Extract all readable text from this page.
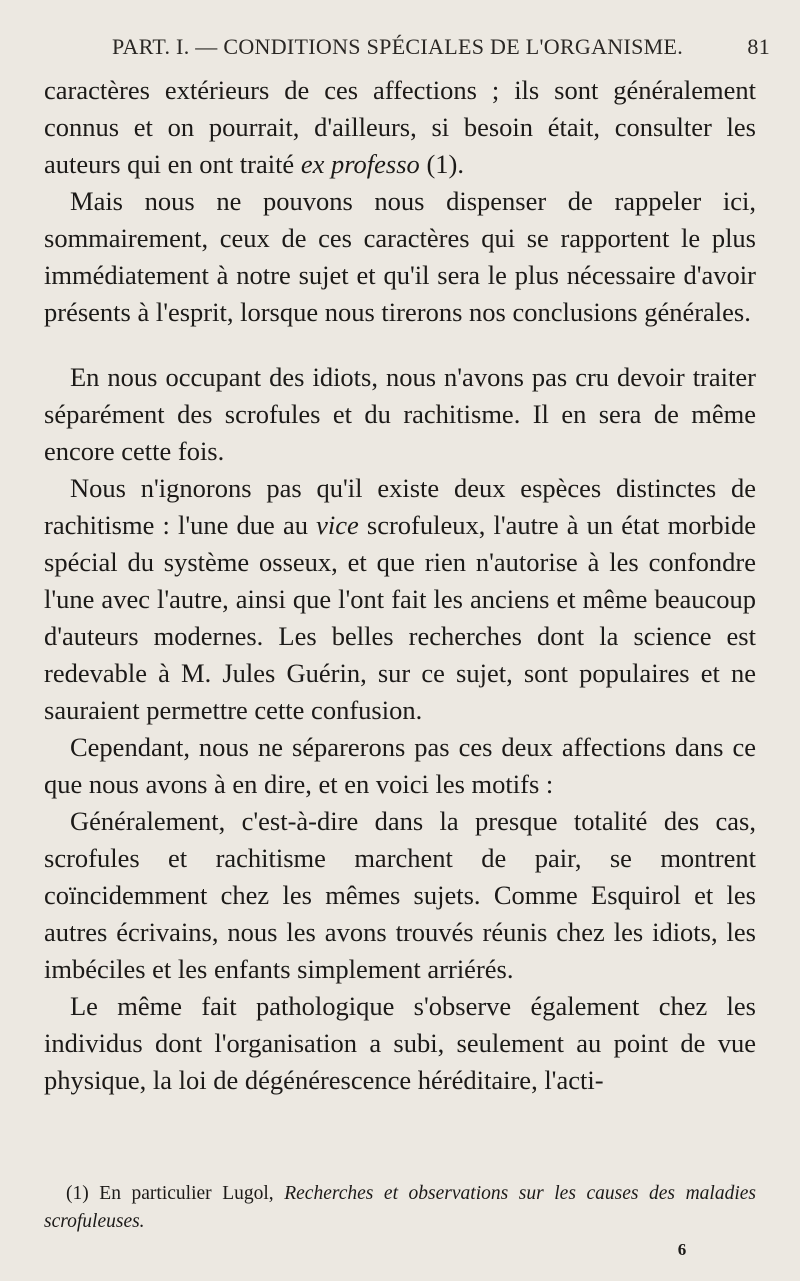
PART. I. — CONDITIONS SPÉCIALES DE L'ORGANISME.	81

caractères extérieurs de ces affections ; ils sont généralement connus et on pourrait, d'ailleurs, si besoin était, consulter les auteurs qui en ont traité ex professo (1).

Mais nous ne pouvons nous dispenser de rappeler ici, sommairement, ceux de ces caractères qui se rapportent le plus immédiatement à notre sujet et qu'il sera le plus nécessaire d'avoir présents à l'esprit, lorsque nous tirerons nos conclusions générales.

En nous occupant des idiots, nous n'avons pas cru devoir traiter séparément des scrofules et du rachitisme. Il en sera de même encore cette fois.

Nous n'ignorons pas qu'il existe deux espèces distinctes de rachitisme : l'une due au vice scrofuleux, l'autre à un état morbide spécial du système osseux, et que rien n'autorise à les confondre l'une avec l'autre, ainsi que l'ont fait les anciens et même beaucoup d'auteurs modernes. Les belles recherches dont la science est redevable à M. Jules Guérin, sur ce sujet, sont populaires et ne sauraient permettre cette confusion.

Cependant, nous ne séparerons pas ces deux affections dans ce que nous avons à en dire, et en voici les motifs :

Généralement, c'est-à-dire dans la presque totalité des cas, scrofules et rachitisme marchent de pair, se montrent coïncidemment chez les mêmes sujets. Comme Esquirol et les autres écrivains, nous les avons trouvés réunis chez les idiots, les imbéciles et les enfants simplement arriérés.

Le même fait pathologique s'observe également chez les individus dont l'organisation a subi, seulement au point de vue physique, la loi de dégénérescence héréditaire, l'acti-

(1) En particulier Lugol, Recherches et observations sur les causes des maladies scrofuleuses.

6
